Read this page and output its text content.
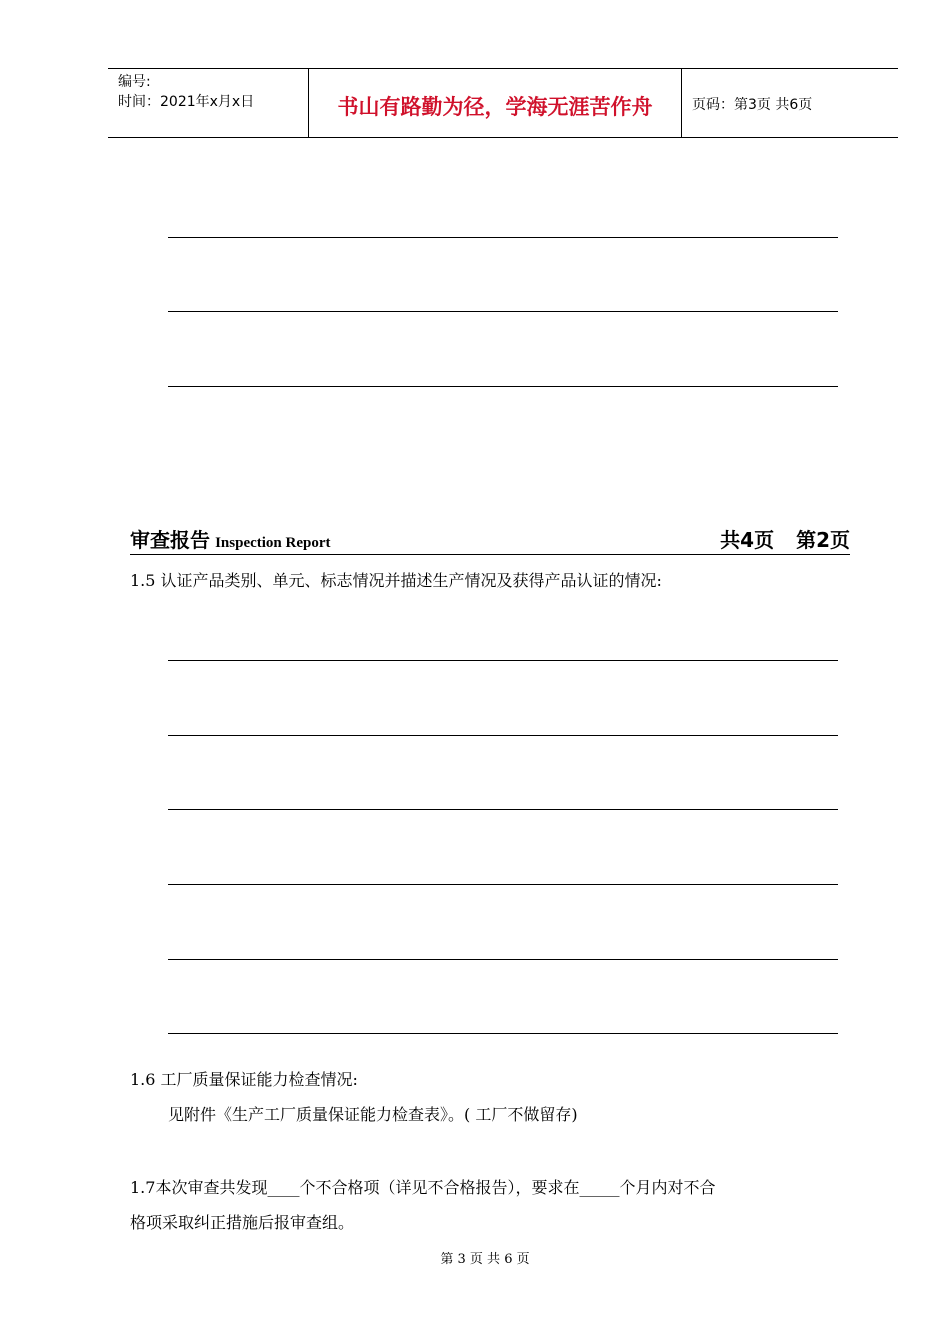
编号:
时间：2021年x月x日	书山有路勤为径，学海无涯苦作舟	页码：第3页 共6页
审查报告 Inspection Report	共4页 第2页
1.5 认证产品类别、单元、标志情况并描述生产情况及获得产品认证的情况:
1.6 工厂质量保证能力检查情况:
见附件《生产工厂质量保证能力检查表》。( 工厂不做留存)
1.7本次审查共发现____个不合格项（详见不合格报告），要求在_____个月内对不合
格项采取纠正措施后报审查组。
第 3 页 共 6 页
